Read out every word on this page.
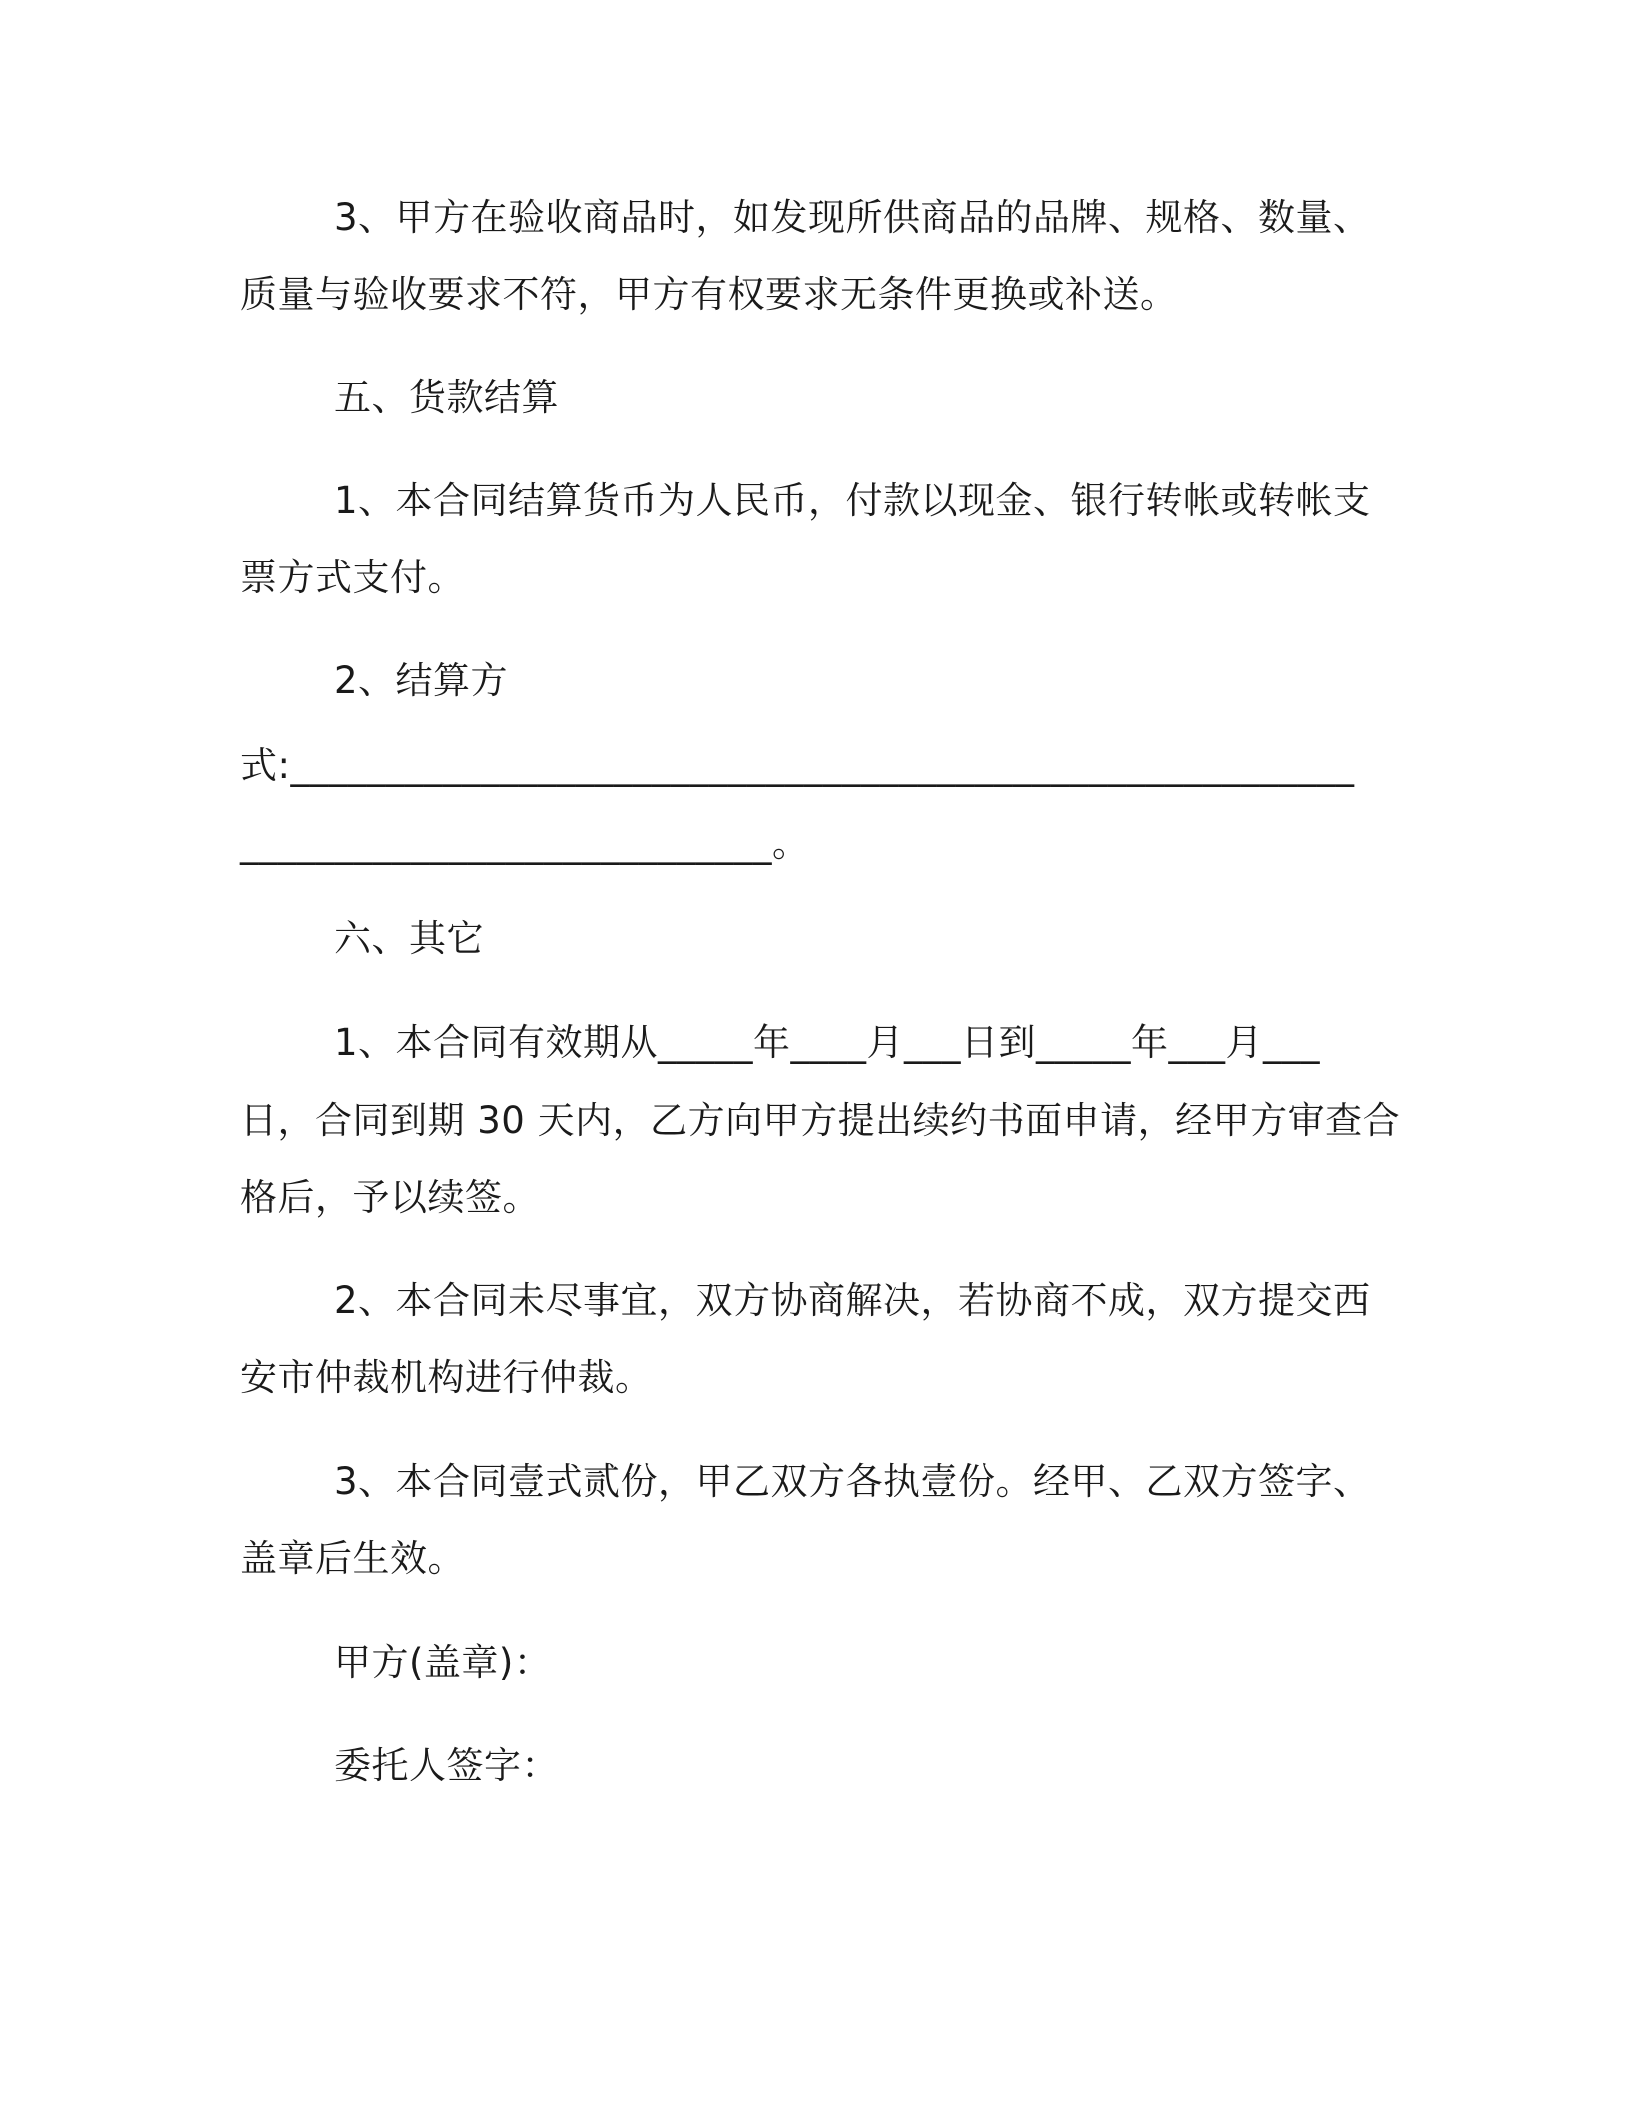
3、甲方在验收商品时，如发现所供商品的品牌、规格、数量、
质量与验收要求不符，甲方有权要求无条件更换或补送。
五、货款结算
1、本合同结算货币为人民币，付款以现金、银行转帐或转帐支
票方式支付。
2、结算方
式:________________________________________________________
____________________________。
六、其它
1、本合同有效期从_____年____月___日到_____年___月___
日，合同到期 30 天内，乙方向甲方提出续约书面申请，经甲方审查合
格后，予以续签。
2、本合同未尽事宜，双方协商解决，若协商不成，双方提交西
安市仲裁机构进行仲裁。
3、本合同壹式贰份，甲乙双方各执壹份。经甲、乙双方签字、
盖章后生效。
甲方(盖章)：
委托人签字：
